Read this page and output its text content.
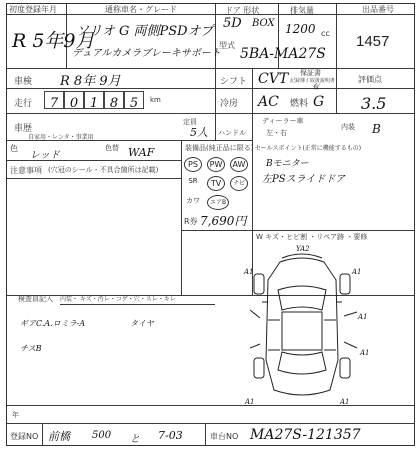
初度登録年月
R 5年9月
通称車名・グレード
ソリオ G 両側PSDオプ
デュアルカメラブレーキサポート
ドア 形状
5D BOX
排気量
1200 cc
型式
5BA-MA27S
出品番号
1457
車検 R 8年 9月	シフト CVT 保証書
記録簿 / 取扱説明書
有
評価点
3.5
走行	7 0 1 8 5	km	冷房 AC 燃料 G
車歴
自家用・レンタ・事業用
定員
5人
ディーラー車
ハンドル	左・右
内装 B
色
レッド
色替 WAF
注意事項 (穴冠のシール・不具合箇所は記載)
装備品(純正品に限る)
PS	PW	AW
SR	TV	ナビ
カワ	エアB
R券 7,690円
セールスポイント(正常に機能するもの)
Bモニター
左PSスライドドア
W キズ・ヒビ割 ・リペア跡 ・要修
検査員記入 内装・ キズ・汚レ・コゲ・穴・スレ・キレ
ギアC.A.ロミラ-A	タイヤ
チスB
YA2
A1	A1
A1
A1
A1	A1
年
登録NO 前橋 500 と 7-03	車台NO MA27S-121357
